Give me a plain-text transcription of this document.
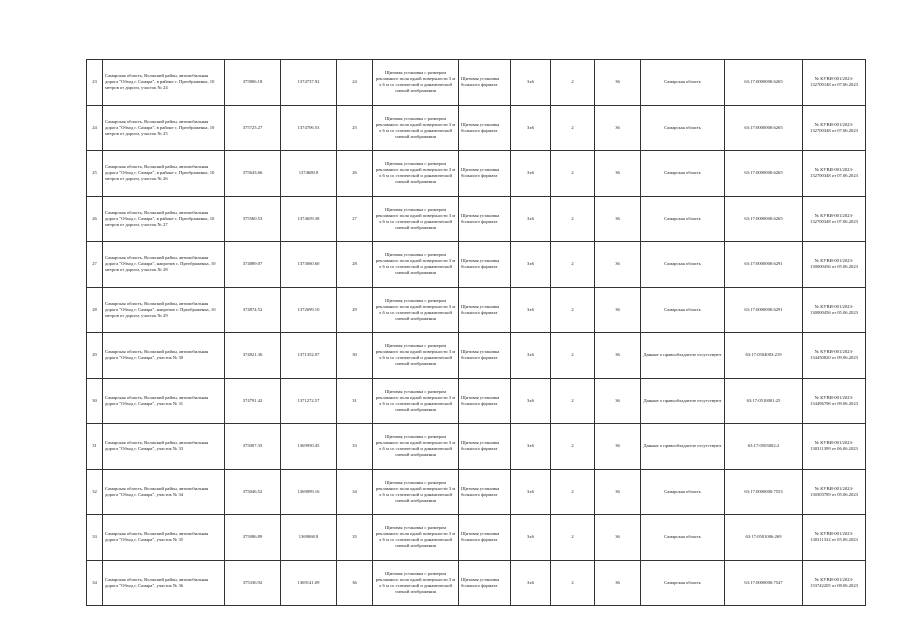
23	Самарская область, Волжский район, автомобильная дорога "Обход г. Самара", в районе с. Преображенка, 10 метров от дороги, участок № 24	375806.18	1374737.92	24	Щитовая установка с размером рекламного поля одной поверхности 3 м х 6 м со статической и динамической сменой изображения	Щитовая установка большого формата	3х6	2	36	Самарская область	63:17:0000000:6265	№ КУВИ-001/2023-132700148 от 07.06.2023
24	Самарская область, Волжский район, автомобильная дорога "Обход г. Самара", в районе с. Преображенка, 10 метров от дороги, участок № 25	375725.27	1374706.53	25	Щитовая установка с размером рекламного поля одной поверхности 3 м х 6 м со статической и динамической сменой изображения	Щитовая установка большого формата	3х6	2	36	Самарская область	63:17:0000000:6265	№ КУВИ-001/2023-132700348 от 07.06.2023
25	Самарская область, Волжский район, автомобильная дорога "Обход г. Самара", в районе с. Преображенка, 10 метров от дороги, участок № 26	375643.66	1374680.8	26	Щитовая установка с размером рекламного поля одной поверхности 3 м х 6 м со статической и динамической сменой изображения	Щитовая установка большого формата	3х6	2	36	Самарская область	63:17:0000000:6265	№ КУВИ-001/2023-132700348 от 07.06.2023
26	Самарская область, Волжский район, автомобильная дорога "Обход г. Самара", в районе с. Преображенка, 10 метров от дороги, участок № 27	375560.53	1374659.38	27	Щитовая установка с размером рекламного поля одной поверхности 3 м х 6 м со статической и динамической сменой изображения	Щитовая установка большого формата	3х6	2	36	Самарская область	63:17:0000000:6265	№ КУВИ-001/2023-132700348 от 07.06.2023
27	Самарская область, Волжский район, автомобильная дорога "Обход г. Самара", напротив с. Преображенка, 10 метров от дороги, участок № 28	374889.07	1373060.60	28	Щитовая установка с размером рекламного поля одной поверхности 3 м х 6 м со статической и динамической сменой изображения	Щитовая установка большого формата	3х6	2	36	Самарская область	63:17:0000000:6291	№ КУВИ-001/2023-130000456 от 05.06.2023
28	Самарская область, Волжский район, автомобильная дорога "Обход г. Самара", напротив с. Преображенка, 10 метров от дороги, участок № 29	374874.52	1372699.10	29	Щитовая установка с размером рекламного поля одной поверхности 3 м х 6 м со статической и динамической сменой изображения	Щитовая установка большого формата	3х6	2	36	Самарская область	63:17:0000000:6291	№ КУВИ-001/2023-130000456 от 05.06.2023
29	Самарская область, Волжский район, автомобильная дорога "Обход г. Самара", участок № 30	374821.36	1371352.07	30	Щитовая установка с размером рекламного поля одной поверхности 3 м х 6 м со статической и динамической сменой изображения	Щитовая установка большого формата	3х6	2	36	Данные о правообладателе отсутствуют	63:17:0504003:219	№ КУВИ-001/2023-134450820 от 09.06.2023
30	Самарская область, Волжский район, автомобильная дорога "Обход г. Самара", участок № 31	374791.42	1371272.57	31	Щитовая установка с размером рекламного поля одной поверхности 3 м х 6 м со статической и динамической сменой изображения	Щитовая установка большого формата	3х6	2	36	Данные о правообладателе отсутствуют	63:17:0510001:25	№ КУВИ-001/2023-134496796 от 09.06.2023
31	Самарская область, Волжский район, автомобильная дорога "Обход г. Самара", участок № 33	375007.35	1369950.45	33	Щитовая установка с размером рекламного поля одной поверхности 3 м х 6 м со статической и динамической сменой изображения	Щитовая установка большого формата	3х6	2	36	Данные о правообладателе отсутствуют	63:17:0503002:2	№ КУВИ-001/2023-130311399 от 06.06.2023
32	Самарская область, Волжский район, автомобильная дорога "Обход г. Самара", участок № 34	375046.52	1369099.16	34	Щитовая установка с размером рекламного поля одной поверхности 3 м х 6 м со статической и динамической сменой изображения	Щитовая установка большого формата	3х6	2	36	Самарская область	63:17:0000000:7553	№ КУВИ-001/2023-130303789 от 05.06.2023
33	Самарская область, Волжский район, автомобильная дорога "Обход г. Самара", участок № 35	375086.89	1369068.8	35	Щитовая установка с размером рекламного поля одной поверхности 3 м х 6 м со статической и динамической сменой изображения	Щитовая установка большого формата	3х6	2	36	Самарская область	63:17:0501006:269	№ КУВИ-001/2023-130311332 от 05.06.2023
34	Самарская область, Волжский район, автомобильная дорога "Обход г. Самара", участок № 36	375336.92	1369141.09	36	Щитовая установка с размером рекламного поля одной поверхности 3 м х 6 м со статической и динамической сменой изображения	Щитовая установка большого формата	3х6	2	36	Самарская область	63:17:0000000:7547	№ КУВИ-001/2023-133742205 от 08.06.2023
